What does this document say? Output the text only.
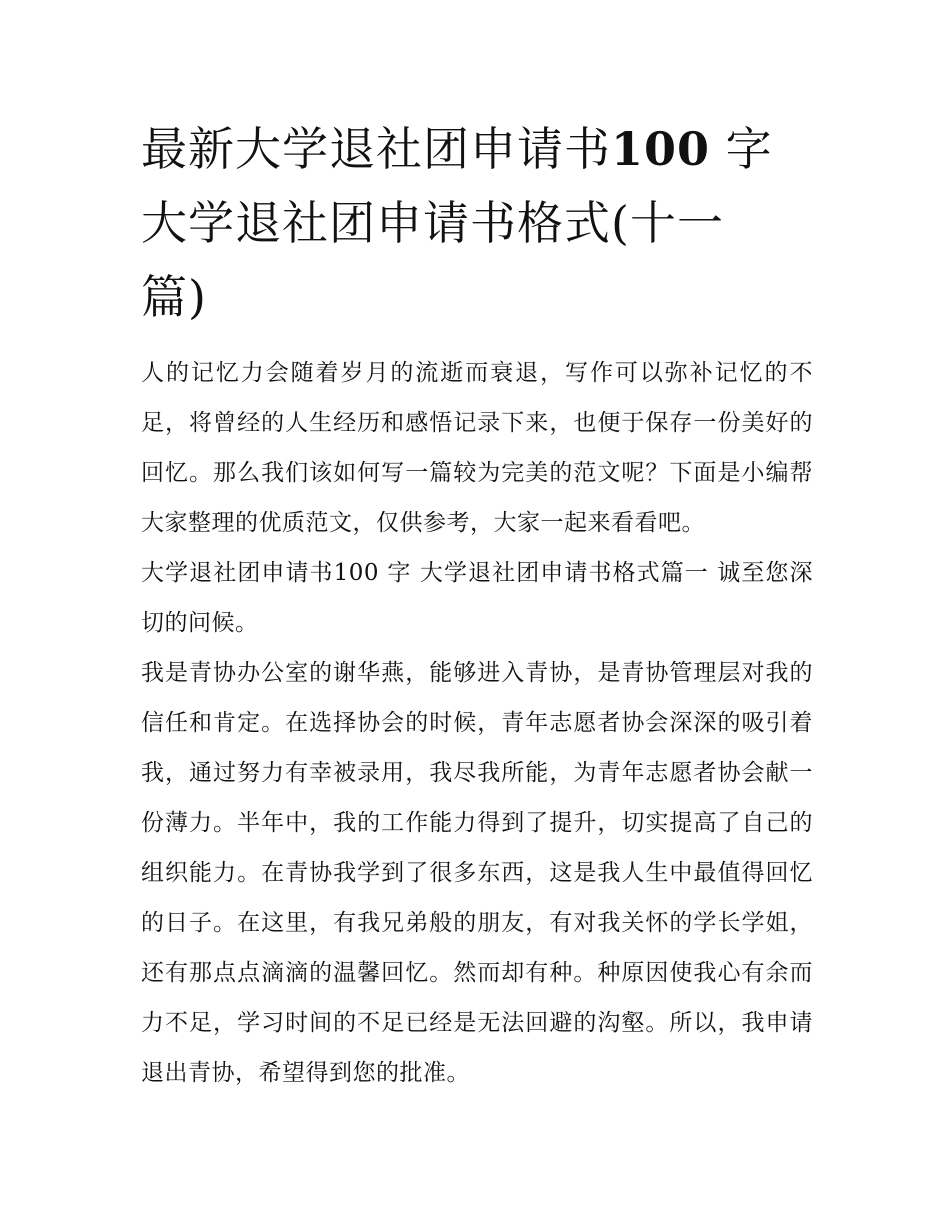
最新大学退社团申请书100 字
大学退社团申请书格式(十一
篇)

人的记忆力会随着岁月的流逝而衰退，写作可以弥补记忆的不足，将曾经的人生经历和感悟记录下来，也便于保存一份美好的回忆。那么我们该如何写一篇较为完美的范文呢？下面是小编帮大家整理的优质范文，仅供参考，大家一起来看看吧。

大学退社团申请书100 字 大学退社团申请书格式篇一 诚至您深切的问候。

我是青协办公室的谢华燕，能够进入青协，是青协管理层对我的信任和肯定。在选择协会的时候，青年志愿者协会深深的吸引着我，通过努力有幸被录用，我尽我所能，为青年志愿者协会献一份薄力。半年中，我的工作能力得到了提升，切实提高了自己的组织能力。在青协我学到了很多东西，这是我人生中最值得回忆的日子。在这里，有我兄弟般的朋友，有对我关怀的学长学姐，还有那点点滴滴的温馨回忆。然而却有种。种原因使我心有余而力不足，学习时间的不足已经是无法回避的沟壑。所以，我申请退出青协，希望得到您的批准。
